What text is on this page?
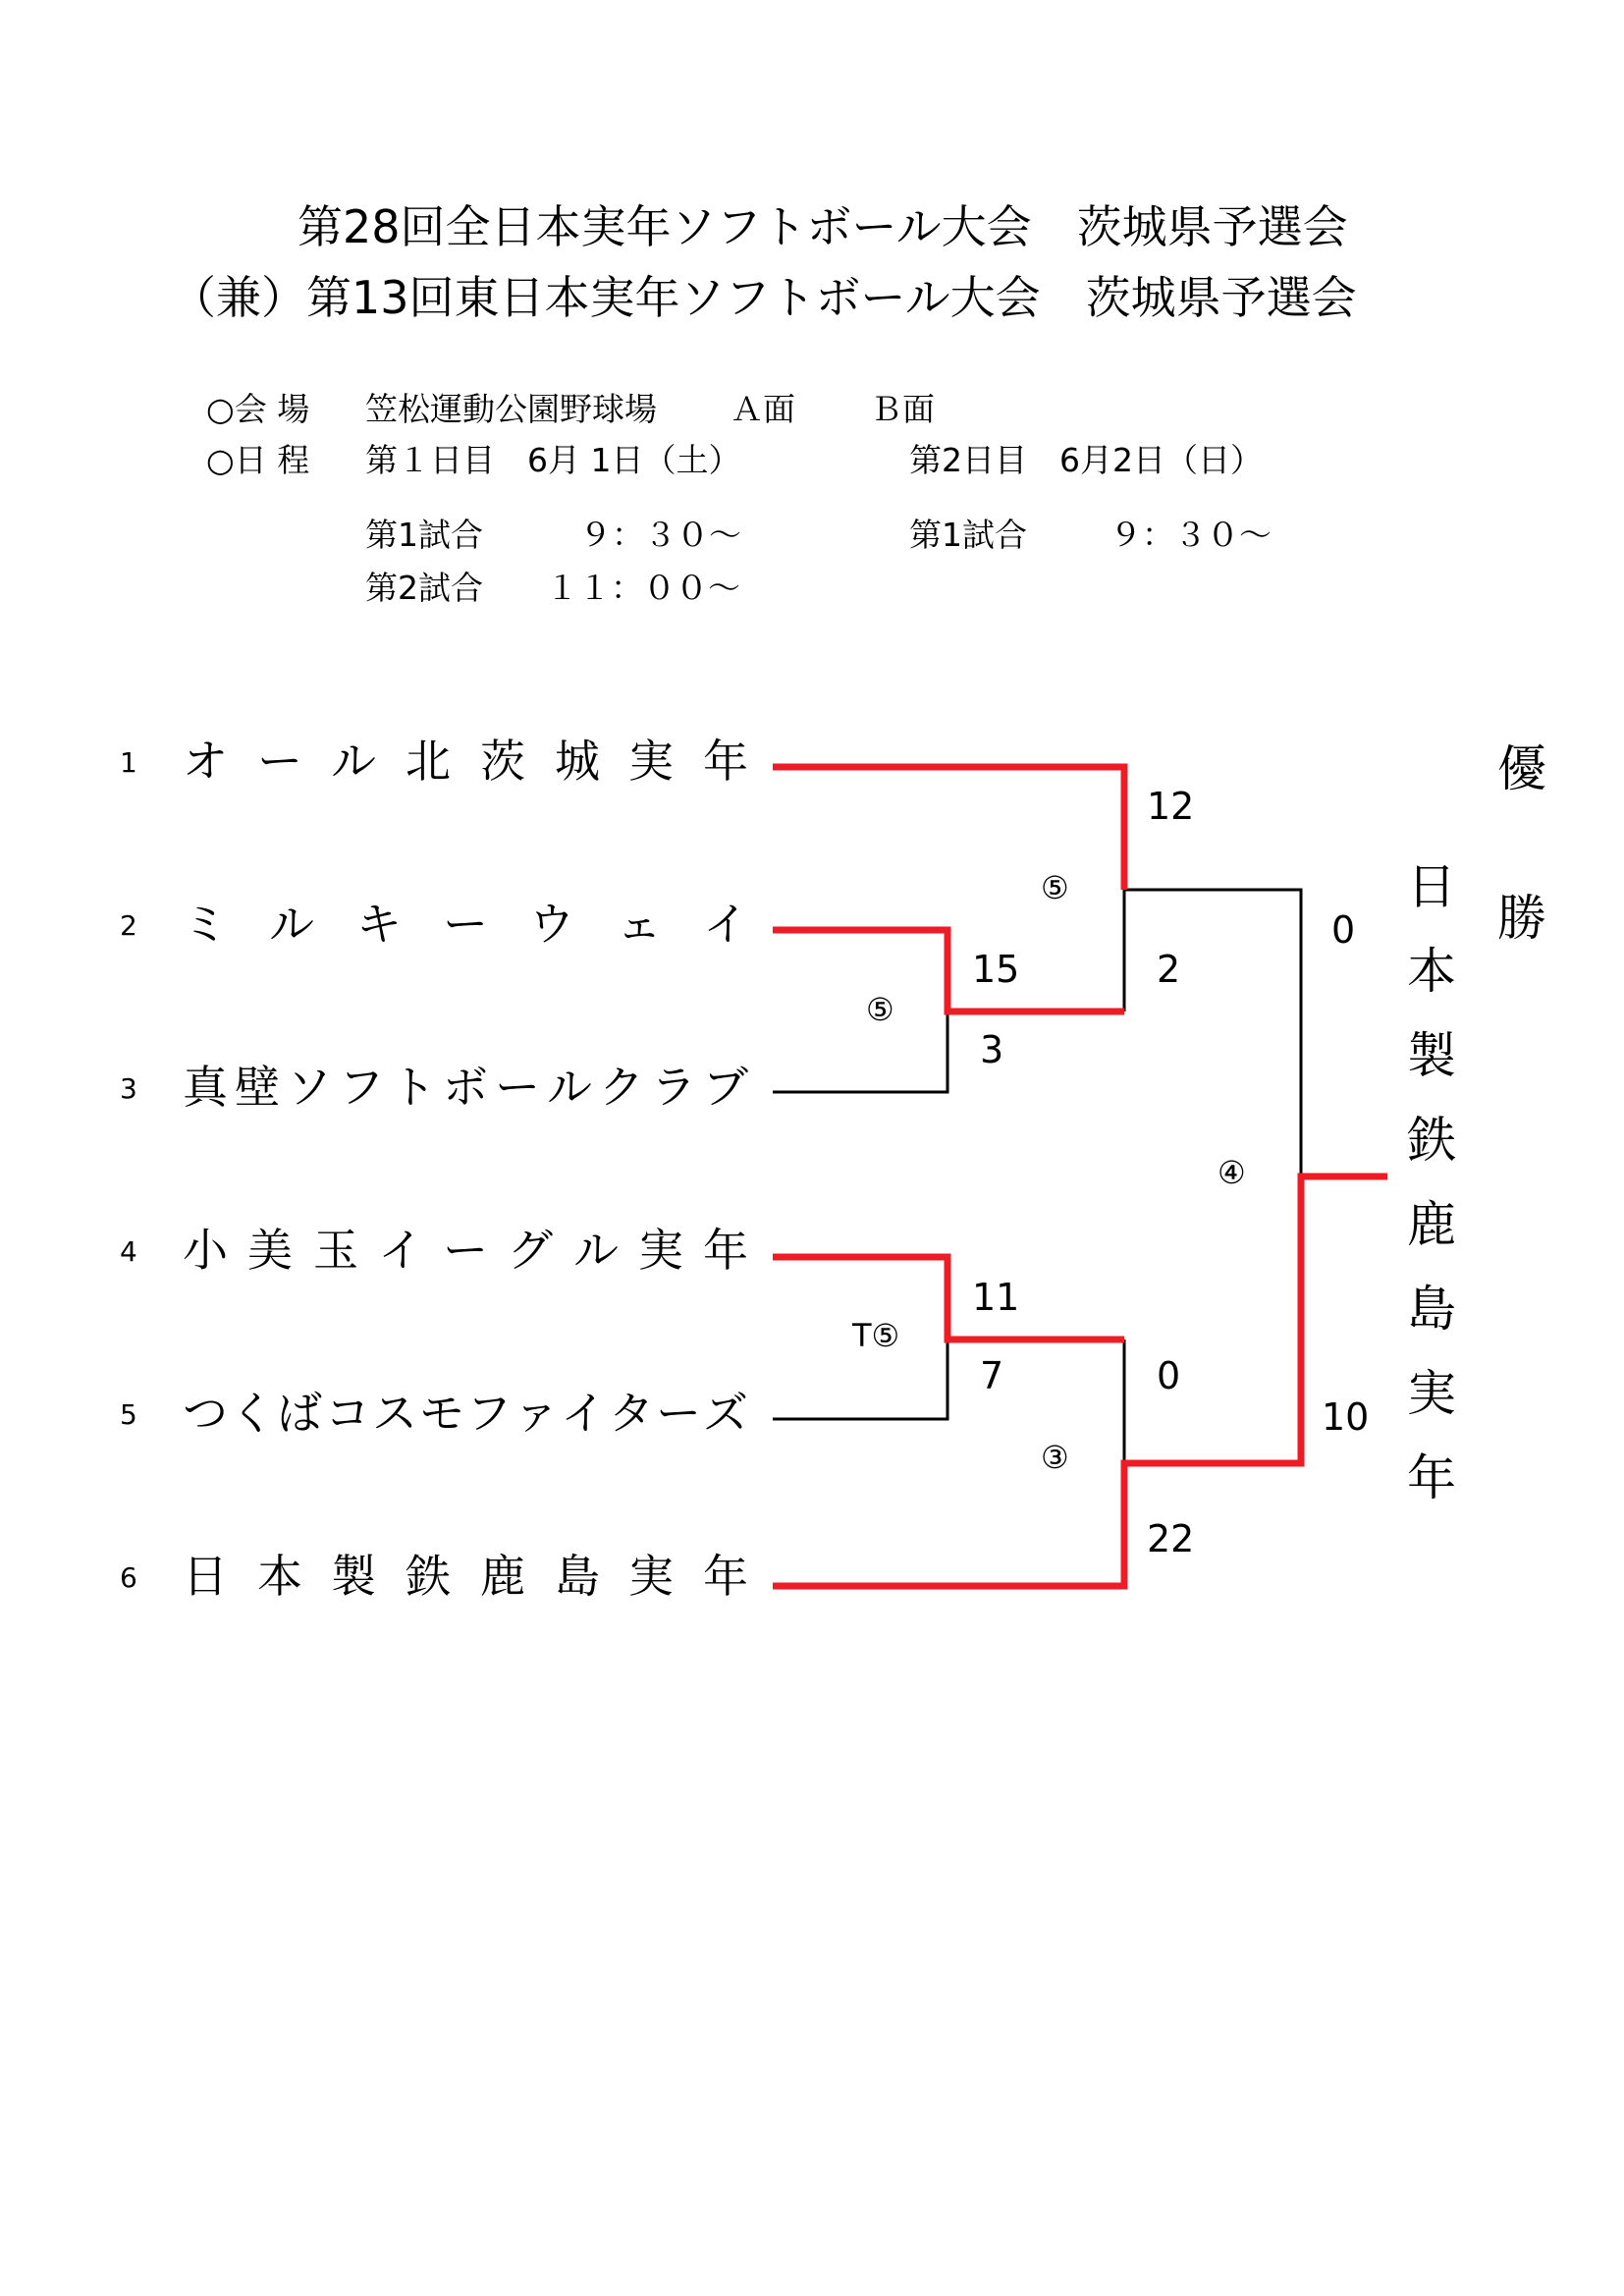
第28回全日本実年ソフトボール大会　茨城県予選会
（兼）第13回東日本実年ソフトボール大会　茨城県予選会
○会 場 笠松運動公園野球場 Ａ面 Ｂ面
○日 程 第１日目　6月 1日（土）	第2日目　6月2日（日）
第1試合	９：３０～	第1試合	９：３０～
第2試合 １１：００～
1
2
3
4
5
6
オ ー ル 北 茨 城 実 年
ミ ル キ ー ウ ェ イ
真 壁 ソ フ ト ボ ー ル ク ラ ブ
小 美 玉 イ ー グ ル 実 年
つ く ば コ ス モ フ ァ イ タ ー ズ
日 本 製 鉄 鹿 島 実 年
15
3
11
7
12
2
0
22
0
10
⑤
T⑤
⑤
③
④
優
勝
日
本
製
鉄
鹿
島
実
年
